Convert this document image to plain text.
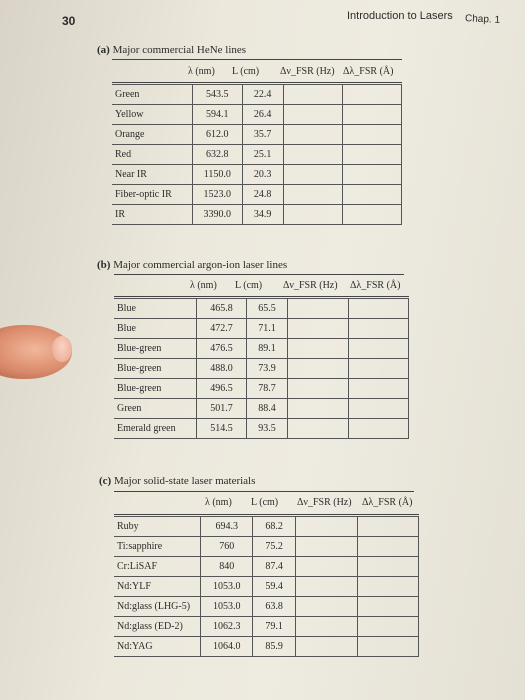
30	Introduction to Lasers Chap. 1
(a) Major commercial HeNe lines
λ (nm) L (cm) Δν_FSR (Hz) Δλ_FSR (Å)
Green	543.5	22.4		
Yellow	594.1	26.4		
Orange	612.0	35.7		
Red	632.8	25.1		
Near IR	1150.0	20.3		
Fiber-optic IR	1523.0	24.8		
IR	3390.0	34.9		
(b) Major commercial argon-ion laser lines
λ (nm) L (cm) Δν_FSR (Hz) Δλ_FSR (Å)
Blue	465.8	65.5		
Blue	472.7	71.1		
Blue-green	476.5	89.1		
Blue-green	488.0	73.9		
Blue-green	496.5	78.7		
Green	501.7	88.4		
Emerald green	514.5	93.5		
(c) Major solid-state laser materials
λ (nm) L (cm) Δν_FSR (Hz) Δλ_FSR (Å)
Ruby	694.3	68.2		
Ti:sapphire	760	75.2		
Cr:LiSAF	840	87.4		
Nd:YLF	1053.0	59.4		
Nd:glass (LHG-5)	1053.0	63.8		
Nd:glass (ED-2)	1062.3	79.1		
Nd:YAG	1064.0	85.9		
